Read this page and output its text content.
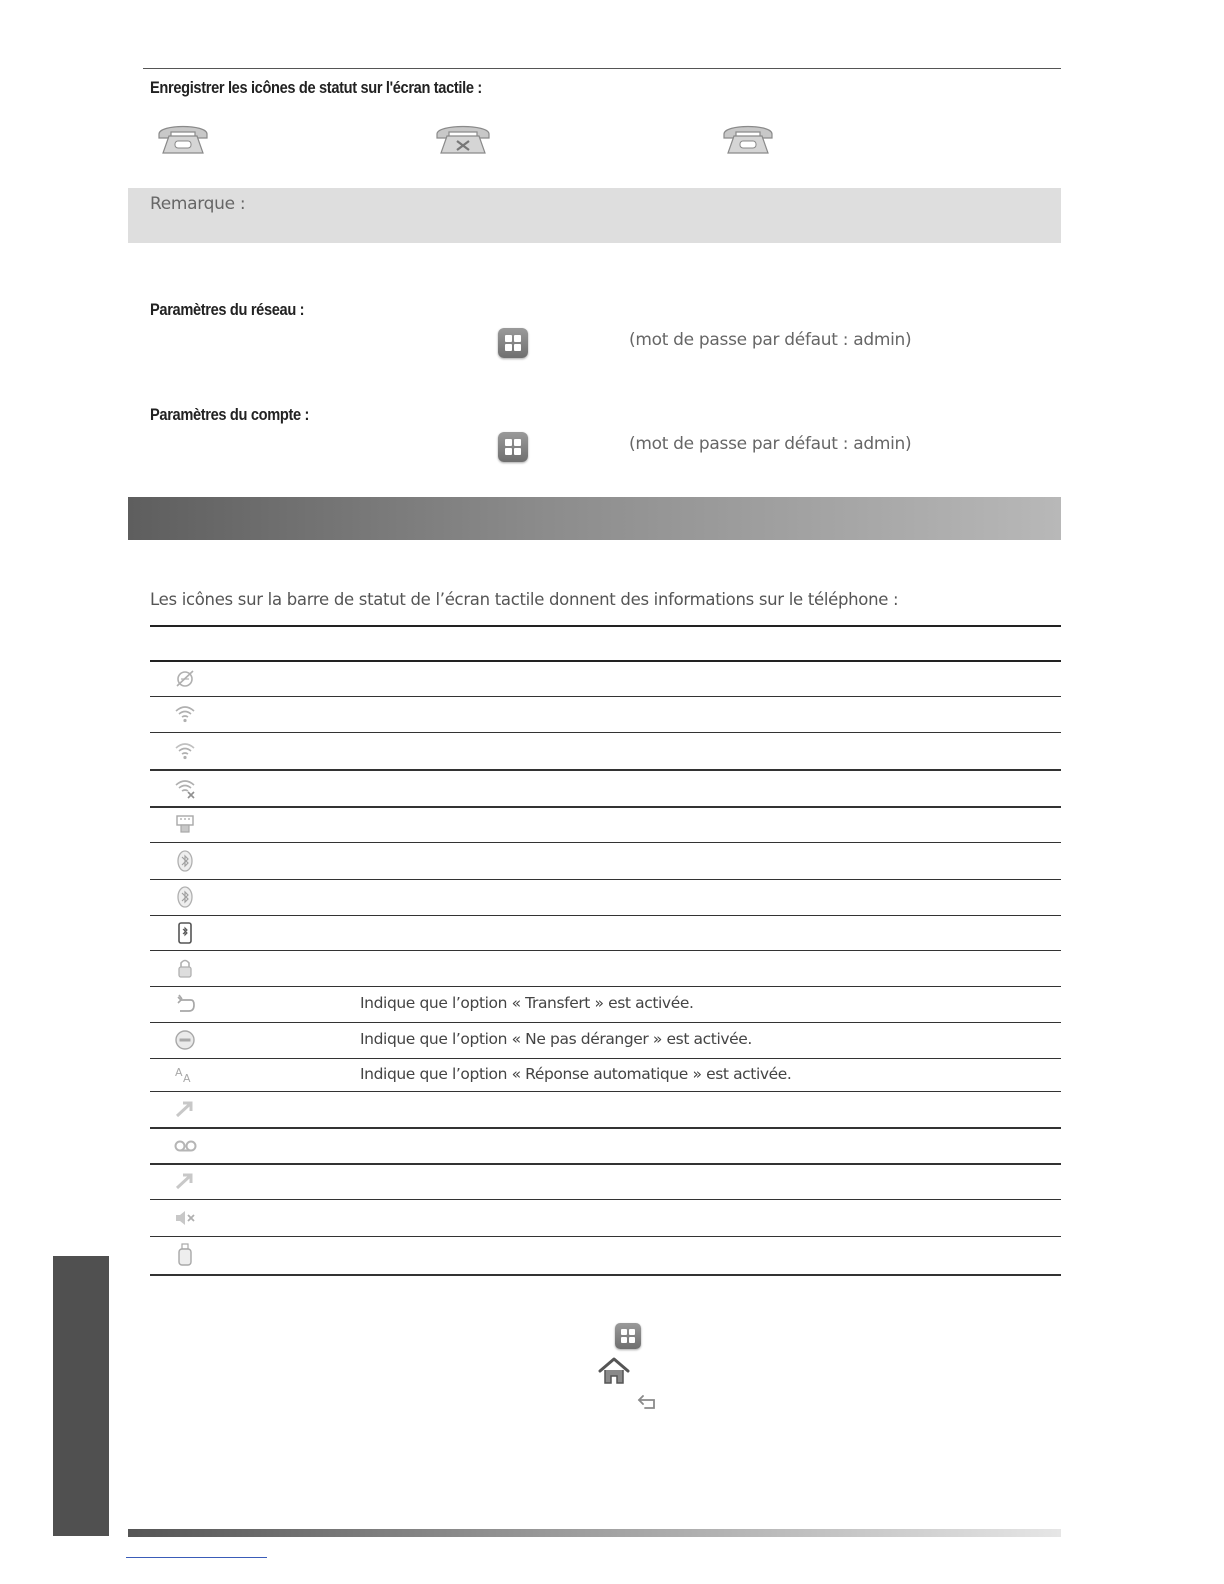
Enregistrer les icônes de statut sur l'écran tactile :
Remarque :
Paramètres du réseau :
(mot de passe par défaut : admin)
Paramètres du compte :
(mot de passe par défaut : admin)
Les icônes sur la barre de statut de l’écran tactile donnent des informations sur le téléphone :
Indique que l’option « Transfert » est activée.
Indique que l’option « Ne pas déranger » est activée.
A A	Indique que l’option « Réponse automatique » est activée.
